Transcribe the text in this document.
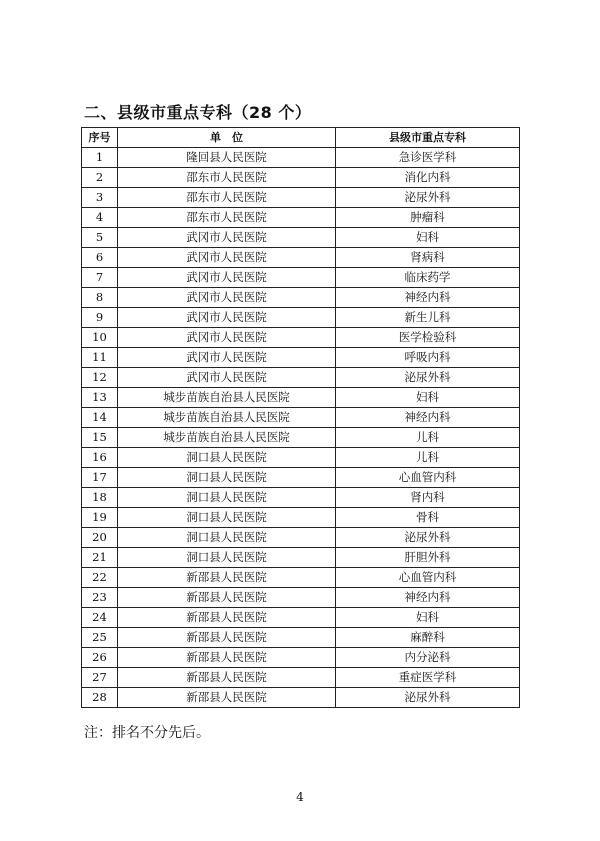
二、县级市重点专科（28 个）
序号	单　位	县级市重点专科
1	隆回县人民医院	急诊医学科
2	邵东市人民医院	消化内科
3	邵东市人民医院	泌尿外科
4	邵东市人民医院	肿瘤科
5	武冈市人民医院	妇科
6	武冈市人民医院	肾病科
7	武冈市人民医院	临床药学
8	武冈市人民医院	神经内科
9	武冈市人民医院	新生儿科
10	武冈市人民医院	医学检验科
11	武冈市人民医院	呼吸内科
12	武冈市人民医院	泌尿外科
13	城步苗族自治县人民医院	妇科
14	城步苗族自治县人民医院	神经内科
15	城步苗族自治县人民医院	儿科
16	洞口县人民医院	儿科
17	洞口县人民医院	心血管内科
18	洞口县人民医院	肾内科
19	洞口县人民医院	骨科
20	洞口县人民医院	泌尿外科
21	洞口县人民医院	肝胆外科
22	新邵县人民医院	心血管内科
23	新邵县人民医院	神经内科
24	新邵县人民医院	妇科
25	新邵县人民医院	麻醉科
26	新邵县人民医院	内分泌科
27	新邵县人民医院	重症医学科
28	新邵县人民医院	泌尿外科
注：排名不分先后。
4
